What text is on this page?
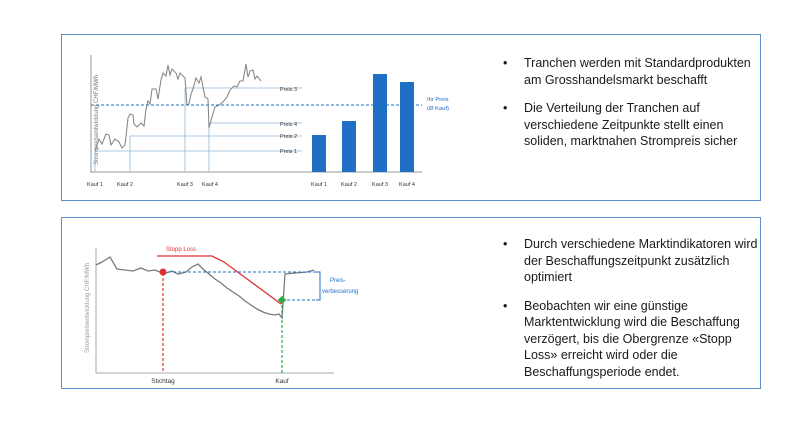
Strompreisentwicklung CHF/MWh	Preis 3
Preis 4
Preis 2
Preis 1
Ihr Preis
(Ø Kauf)
Kauf 1	Kauf 2	Kauf 3 Kauf 4	Kauf 1	Kauf 2	Kauf 3 Kauf 4
• Tranchen werden mit Standardprodukten am Grosshandelsmarkt beschafft
• Die Verteilung der Tranchen auf verschiedene Zeitpunkte stellt einen soliden, marktnahen Strompreis sicher
Strompreisentwicklung CHF/MWh
Stopp Loss
Preis-
verbesserung
Stichtag	Kauf
• Durch verschiedene Marktindikatoren wird der Beschaffungszeitpunkt zusätzlich optimiert
• Beobachten wir eine günstige Marktentwicklung wird die Beschaffung verzögert, bis die Obergrenze «Stopp Loss» erreicht wird oder die Beschaffungsperiode endet.
